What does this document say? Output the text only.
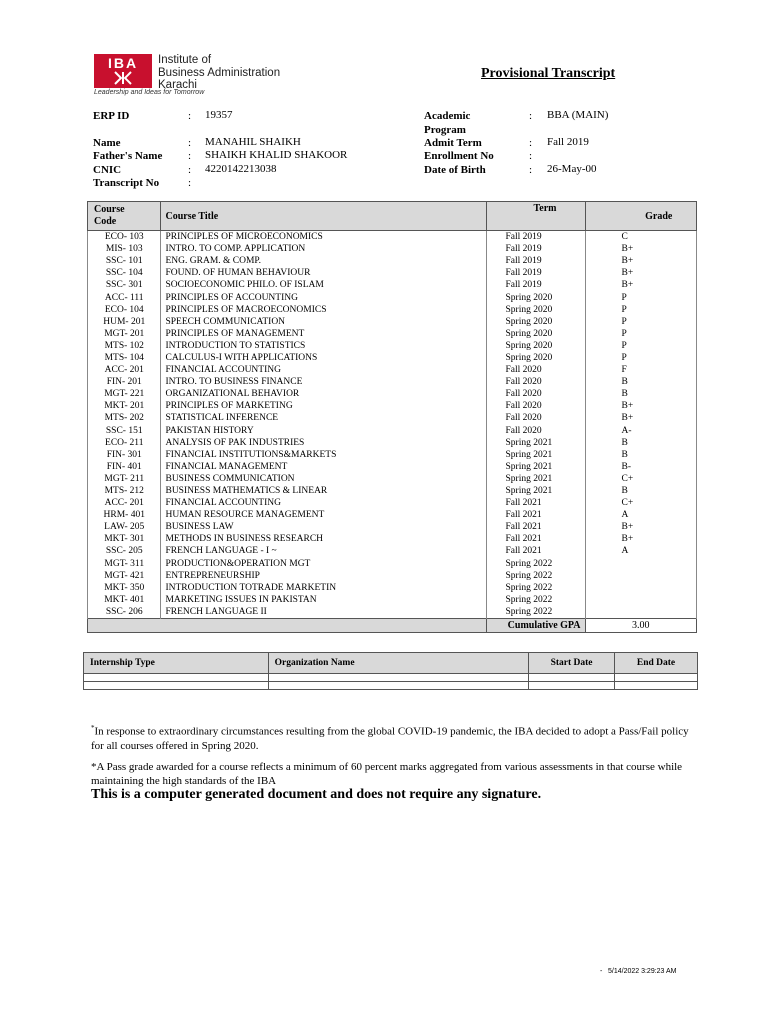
IBA	Institute of
Business Administration
Karachi
Leadership and Ideas for Tomorrow
Provisional Transcript
ERP ID	: 19357
Name	: MANAHIL SHAIKH
Father's Name : SHAIKH KHALID SHAKOOR
CNIC	: 4220142213038
Transcript No	:
Academic
Program
: BBA (MAIN)
Admit Term	: Fall 2019
Enrollment No	:
Date of Birth	: 26-May-00
Course
Code	Course Title	Term	Grade
ECO- 103	PRINCIPLES OF MICROECONOMICS	Fall 2019	C
MIS- 103	INTRO. TO COMP. APPLICATION	Fall 2019	B+
SSC- 101	ENG. GRAM. & COMP.	Fall 2019	B+
SSC- 104	FOUND. OF HUMAN BEHAVIOUR	Fall 2019	B+
SSC- 301	SOCIOECONOMIC PHILO. OF ISLAM	Fall 2019	B+
ACC- 111	PRINCIPLES OF ACCOUNTING	Spring 2020	P
ECO- 104	PRINCIPLES OF MACROECONOMICS	Spring 2020	P
HUM- 201	SPEECH COMMUNICATION	Spring 2020	P
MGT- 201	PRINCIPLES OF MANAGEMENT	Spring 2020	P
MTS- 102	INTRODUCTION TO STATISTICS	Spring 2020	P
MTS- 104	CALCULUS-I WITH APPLICATIONS	Spring 2020	P
ACC- 201	FINANCIAL ACCOUNTING	Fall 2020	F
FIN- 201	INTRO. TO BUSINESS FINANCE	Fall 2020	B
MGT- 221	ORGANIZATIONAL BEHAVIOR	Fall 2020	B
MKT- 201	PRINCIPLES OF MARKETING	Fall 2020	B+
MTS- 202	STATISTICAL INFERENCE	Fall 2020	B+
SSC- 151	PAKISTAN HISTORY	Fall 2020	A-
ECO- 211	ANALYSIS OF PAK INDUSTRIES	Spring 2021	B
FIN- 301	FINANCIAL INSTITUTIONS&MARKETS	Spring 2021	B
FIN- 401	FINANCIAL MANAGEMENT	Spring 2021	B-
MGT- 211	BUSINESS COMMUNICATION	Spring 2021	C+
MTS- 212	BUSINESS MATHEMATICS & LINEAR	Spring 2021	B
ACC- 201	FINANCIAL ACCOUNTING	Fall 2021	C+
HRM- 401	HUMAN RESOURCE MANAGEMENT	Fall 2021	A
LAW- 205	BUSINESS LAW	Fall 2021	B+
MKT- 301	METHODS IN BUSINESS RESEARCH	Fall 2021	B+
SSC- 205	FRENCH LANGUAGE - I ~	Fall 2021	A
MGT- 311	PRODUCTION&OPERATION MGT	Spring 2022	
MGT- 421	ENTREPRENEURSHIP	Spring 2022	
MKT- 350	INTRODUCTION TOTRADE MARKETIN	Spring 2022	
MKT- 401	MARKETING ISSUES IN PAKISTAN	Spring 2022	
SSC- 206	FRENCH LANGUAGE II	Spring 2022	
		Cumulative GPA	3.00
Internship Type	Organization Name	Start Date	End Date

*In response to extraordinary circumstances resulting from the global COVID-19 pandemic, the IBA decided to adopt a Pass/Fail policy for all courses offered in Spring 2020.
*A Pass grade awarded for a course reflects a minimum of 60 percent marks aggregated from various assessments in that course while maintaining the high standards of the IBA
This is a computer generated document and does not require any signature.
- 5/14/2022 3:29:23 AM
